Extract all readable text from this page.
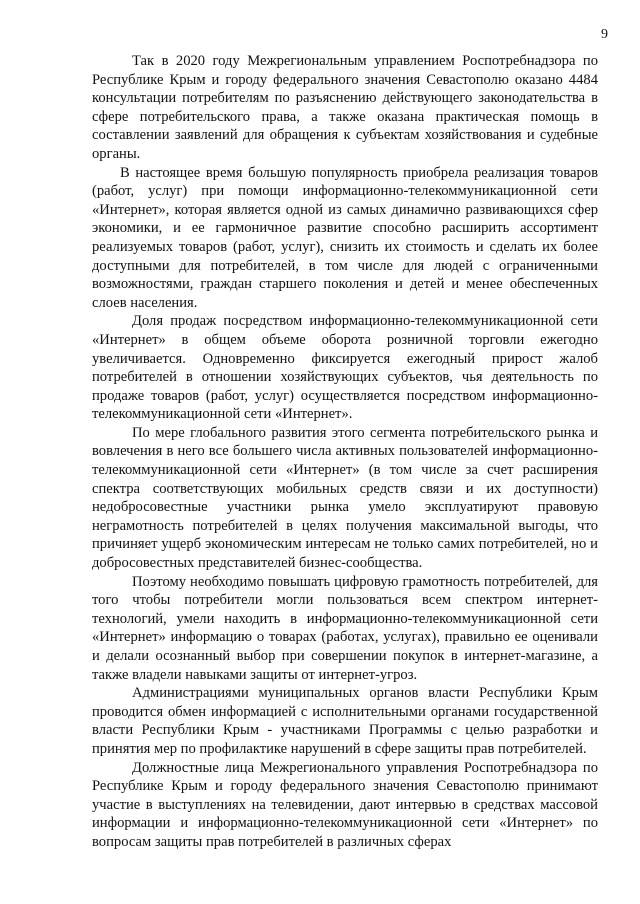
9

Так в 2020 году Межрегиональным управлением Роспотребнадзора по Республике Крым и городу федерального значения Севастополю оказано 4484 консультации потребителям по разъяснению действующего законодательства в сфере потребительского права, а также оказана практическая помощь в составлении заявлений для обращения к субъектам хозяйствования и судебные органы.

В настоящее время большую популярность приобрела реализация товаров (работ, услуг) при помощи информационно-телекоммуникационной сети «Интернет», которая является одной из самых динамично развивающихся сфер экономики, и ее гармоничное развитие способно расширить ассортимент реализуемых товаров (работ, услуг), снизить их стоимость и сделать их более доступными для потребителей, в том числе для людей с ограниченными возможностями, граждан старшего поколения и детей и менее обеспеченных слоев населения.

Доля продаж посредством информационно-телекоммуникационной сети «Интернет» в общем объеме оборота розничной торговли ежегодно увеличивается. Одновременно фиксируется ежегодный прирост жалоб потребителей в отношении хозяйствующих субъектов, чья деятельность по продаже товаров (работ, услуг) осуществляется посредством информационно-телекоммуникационной сети «Интернет».

По мере глобального развития этого сегмента потребительского рынка и вовлечения в него все большего числа активных пользователей информационно-телекоммуникационной сети «Интернет» (в том числе за счет расширения спектра соответствующих мобильных средств связи и их доступности) недобросовестные участники рынка умело эксплуатируют правовую неграмотность потребителей в целях получения максимальной выгоды, что причиняет ущерб экономическим интересам не только самих потребителей, но и добросовестных представителей бизнес-сообщества.

Поэтому необходимо повышать цифровую грамотность потребителей, для того чтобы потребители могли пользоваться всем спектром интернет-технологий, умели находить в информационно-телекоммуникационной сети «Интернет» информацию о товарах (работах, услугах), правильно ее оценивали и делали осознанный выбор при совершении покупок в интернет-магазине, а также владели навыками защиты от интернет-угроз.

Администрациями муниципальных органов власти Республики Крым проводится обмен информацией с исполнительными органами государственной власти Республики Крым - участниками Программы с целью разработки и принятия мер по профилактике нарушений в сфере защиты прав потребителей.

Должностные лица Межрегионального управления Роспотребнадзора по Республике Крым и городу федерального значения Севастополю принимают участие в выступлениях на телевидении, дают интервью в средствах массовой информации и информационно-телекоммуникационной сети «Интернет» по вопросам защиты прав потребителей в различных сферах
